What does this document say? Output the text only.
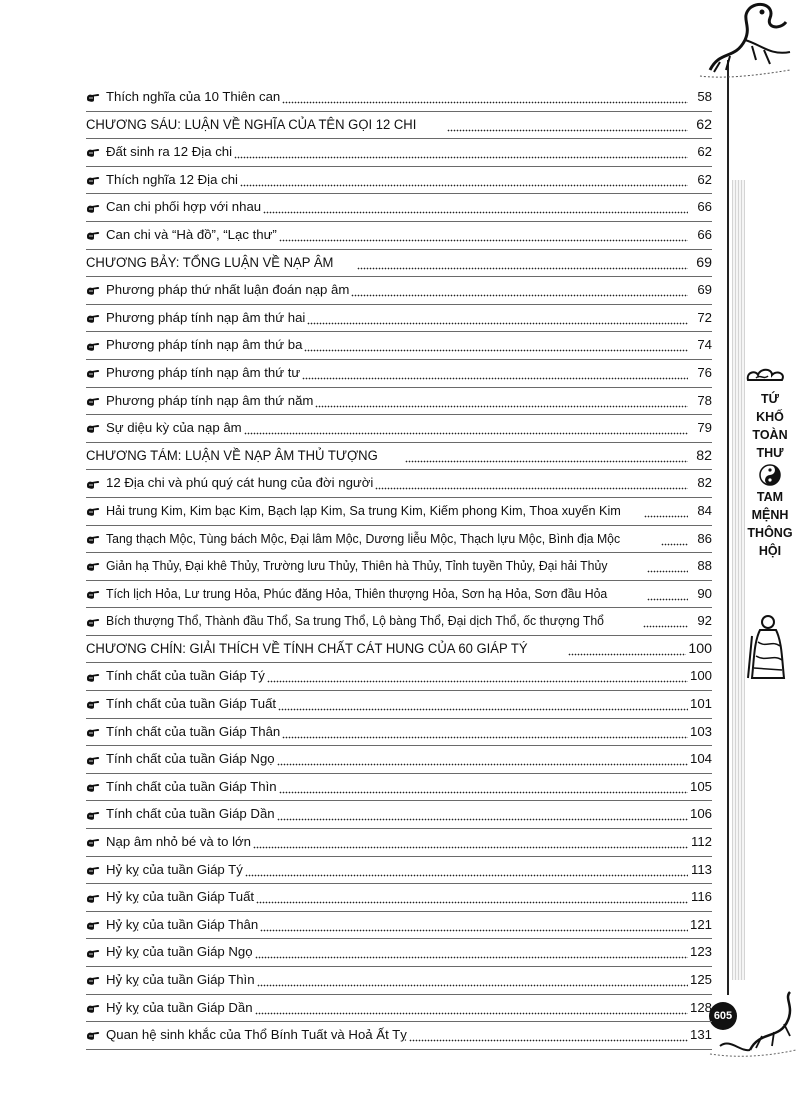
TỨ
KHỐ
TOÀN
THƯ
TAM
MỆNH
THÔNG
HỘI
605
Thích nghĩa của 10 Thiên can	58
CHƯƠNG SÁU: LUẬN VỀ NGHĨA CỦA TÊN GỌI 12 CHI	62
Đất sinh ra 12 Địa chi	62
Thích nghĩa 12 Địa chi	62
Can chi phối hợp với nhau	66
Can chi và “Hà đồ”, “Lạc thư”	66
CHƯƠNG BẢY: TỔNG LUẬN VỀ NẠP ÂM	69
Phương pháp thứ nhất luận đoán nạp âm	69
Phương pháp tính nạp âm thứ hai	72
Phương pháp tính nạp âm thứ ba	74
Phương pháp tính nạp âm thứ tư	76
Phương pháp tính nạp âm thứ năm	78
Sự diệu kỳ của nạp âm	79
CHƯƠNG TÁM: LUẬN VỀ NẠP ÂM THỦ TƯỢNG	82
12 Địa chi và phú quý cát hung của đời người	82
Hải trung Kim, Kim bạc Kim, Bạch lạp Kim, Sa trung Kim, Kiếm phong Kim, Thoa xuyến Kim	84
Tang thạch Mộc, Tùng bách Mộc, Đại lâm Mộc, Dương liễu Mộc, Thạch lựu Mộc, Bình địa Mộc	86
Giản hạ Thủy, Đại khê Thủy, Trường lưu Thủy, Thiên hà Thủy, Tỉnh tuyền Thủy, Đại hải Thủy	88
Tích lịch Hỏa, Lư trung Hỏa, Phúc đăng Hỏa, Thiên thượng Hỏa, Sơn hạ Hỏa, Sơn đầu Hỏa	90
Bích thượng Thổ, Thành đầu Thổ, Sa trung Thổ, Lộ bàng Thổ, Đại dịch Thổ, ốc thượng Thổ	92
CHƯƠNG CHÍN: GIẢI THÍCH VỀ TÍNH CHẤT CÁT HUNG CỦA 60 GIÁP TÝ	100
Tính chất của tuần Giáp Tý	100
Tính chất của tuần Giáp Tuất	101
Tính chất của tuần Giáp Thân	103
Tính chất của tuần Giáp Ngọ	104
Tính chất của tuần Giáp Thìn	105
Tính chất của tuần Giáp Dần	106
Nạp âm nhỏ bé và to lớn	112
Hỷ kỵ của tuần Giáp Tý	113
Hỷ kỵ của tuần Giáp Tuất	116
Hỷ kỵ của tuần Giáp Thân	121
Hỷ kỵ của tuần Giáp Ngọ	123
Hỷ kỵ của tuần Giáp Thìn	125
Hỷ kỵ của tuần Giáp Dần	128
Quan hệ sinh khắc của Thổ Bính Tuất và Hoả Ất Tỵ	131
